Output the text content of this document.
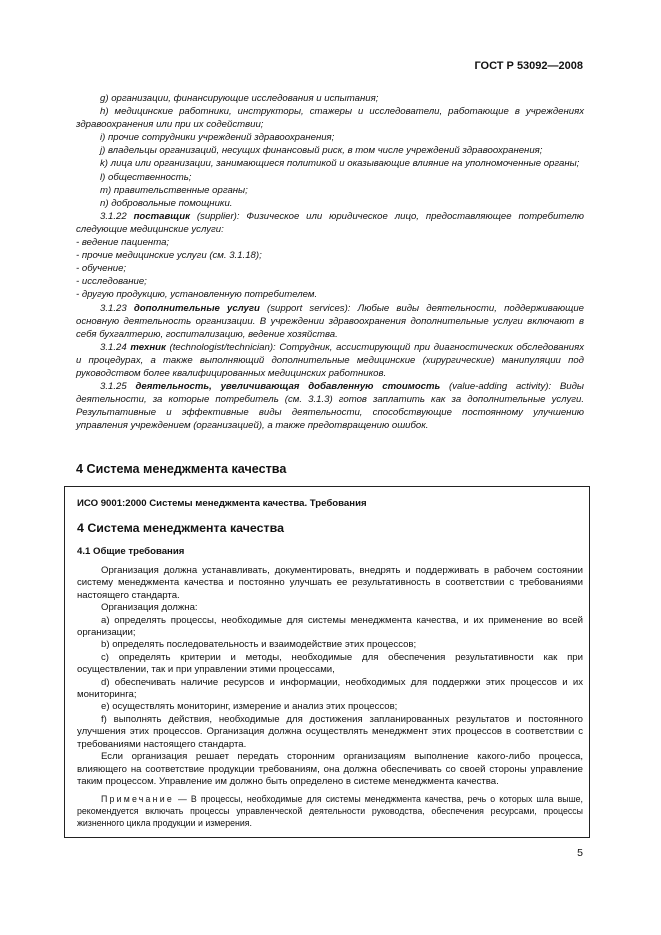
ГОСТ Р 53092—2008

g) организации, финансирующие исследования и испытания;

h) медицинские работники, инструкторы, стажеры и исследователи, работающие в учреждениях здравоохранения или при их содействии;

i) прочие сотрудники учреждений здравоохранения;

j) владельцы организаций, несущих финансовый риск, в том числе учреждений здравоохранения;

k) лица или организации, занимающиеся политикой и оказывающие влияние на уполномоченные органы;

l) общественность;

m) правительственные органы;

n) добровольные помощники.

3.1.22 поставщик (supplier): Физическое или юридическое лицо, предоставляющее потребителю следующие медицинские услуги:

- ведение пациента;

- прочие медицинские услуги (см. 3.1.18);

- обучение;

- исследование;

- другую продукцию, установленную потребителем.

3.1.23 дополнительные услуги (support services): Любые виды деятельности, поддерживающие основную деятельность организации. В учреждении здравоохранения дополнительные услуги включают в себя бухгалтерию, госпитализацию, ведение хозяйства.

3.1.24 техник (technologist/technician): Сотрудник, ассистирующий при диагностических обследованиях и процедурах, а также выполняющий дополнительные медицинские (хирургические) манипуляции под руководством более квалифицированных медицинских работников.

3.1.25 деятельность, увеличивающая добавленную стоимость (value-adding activity): Виды деятельности, за которые потребитель (см. 3.1.3) готов заплатить как за дополнительные услуги. Результативные и эффективные виды деятельности, способствующие постоянному улучшению управления учреждением (организацией), а также предотвращению ошибок.

4 Система менеджмента качества
ИСО 9001:2000 Системы менеджмента качества. Требования
4 Система менеджмента качества
4.1 Общие требования

Организация должна устанавливать, документировать, внедрять и поддерживать в рабочем состоянии систему менеджмента качества и постоянно улучшать ее результативность в соответствии с требованиями настоящего стандарта.

Организация должна:

a) определять процессы, необходимые для системы менеджмента качества, и их применение во всей организации;

b) определять последовательность и взаимодействие этих процессов;

c) определять критерии и методы, необходимые для обеспечения результативности как при осуществлении, так и при управлении этими процессами,

d) обеспечивать наличие ресурсов и информации, необходимых для поддержки этих процессов и их мониторинга;

e) осуществлять мониторинг, измерение и анализ этих процессов;

f) выполнять действия, необходимые для достижения запланированных результатов и постоянного улучшения этих процессов. Организация должна осуществлять менеджмент этих процессов в соответствии с требованиями настоящего стандарта.

Если организация решает передать сторонним организациям выполнение какого-либо процесса, влияющего на соответствие продукции требованиям, она должна обеспечивать со своей стороны управление таким процессом. Управление им должно быть определено в системе менеджмента качества.

Примечание — В процессы, необходимые для системы менеджмента качества, речь о которых шла выше, рекомендуется включать процессы управленческой деятельности руководства, обеспечения ресурсами, процессы жизненного цикла продукции и измерения.
5
